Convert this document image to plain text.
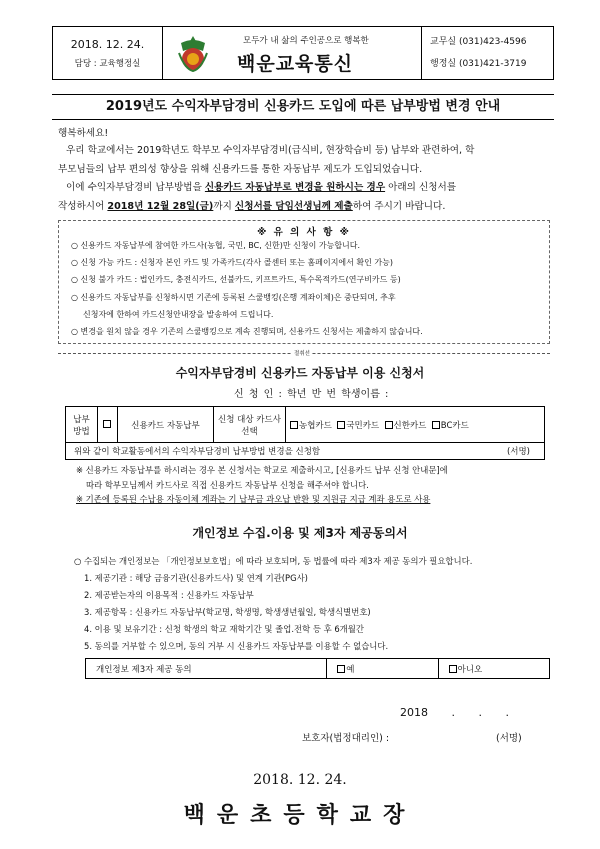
2018. 12. 24.
담당 : 교육행정실
모두가 내 삶의 주인공으로 행복한
백운교육통신
교무실 (031)423-4596
행정실 (031)421-3719
2019년도 수익자부담경비 신용카드 도입에 따른 납부방법 변경 안내
행복하세요!
우리 학교에서는 2019학년도 학부모 수익자부담경비(급식비, 현장학습비 등) 납부와 관련하여, 학
부모님들의 납부 편의성 향상을 위해 신용카드를 통한 자동납부 제도가 도입되었습니다.
이에 수익자부담경비 납부방법을 신용카드 자동납부로 변경을 원하시는 경우 아래의 신청서를
작성하시어 2018년 12월 28일(금)까지 신청서를 담임선생님께 제출하여 주시기 바랍니다.
※ 유 의 사 항 ※
○ 신용카드 자동납부에 참여한 카드사(농협, 국민, BC, 신한)만 신청이 가능합니다.
○ 신청 가능 카드 : 신청자 본인 카드 및 가족카드(각사 콜센터 또는 홈페이지에서 확인 가능)
○ 신청 불가 카드 : 법인카드, 충전식카드, 선불카드, 키프트카드, 특수목적카드(연구비카드 등)
○ 신용카드 자동납부를 신청하시면 기존에 등록된 스쿨뱅킹(은행 계좌이체)은 중단되며, 추후
신청자에 한하여 카드신청안내장을 발송하여 드립니다.
○ 변경을 원치 않을 경우 기존의 스쿨뱅킹으로 계속 진행되며, 신용카드 신청서는 제출하지 않습니다.
절취선
수익자부담경비 신용카드 자동납부 이용 신청서
신 청 인 : 학년 반 번 학생이름 :
납부 방법		신용카드 자동납부	신청 대상 카드사 선택	농협카드 국민카드 신한카드 BC카드
위와 같이 학교활동에서의 수익자부담경비 납부방법 변경을 신청함	(서명)
※ 신용카드 자동납부를 하시려는 경우 본 신청서는 학교로 제출하시고, [신용카드 납부 신청 안내문]에
따라 학부모님께서 카드사로 직접 신용카드 자동납부 신청을 해주셔야 합니다.
※ 기존에 등록된 수납용 자동이체 계좌는 기 납부금 과오납 반환 및 지원금 지급 계좌 용도로 사용
개인정보 수집.이용 및 제3자 제공동의서
○ 수집되는 개인정보는 「개인정보보호법」에 따라 보호되며, 동 법률에 따라 제3자 제공 동의가 필요합니다.
1. 제공기관 : 해당 금융기관(신용카드사) 및 연계 기관(PG사)
2. 제공받는자의 이용목적 : 신용카드 자동납부
3. 제공항목 : 신용카드 자동납부(학교명, 학생명, 학생생년월일, 학생식별번호)
4. 이용 및 보유기간 : 신청 학생의 학교 재학기간 및 졸업.전학 등 후 6개월간
5. 동의를 거부할 수 있으며, 동의 거부 시 신용카드 자동납부를 이용할 수 없습니다.
개인정보 제3자 제공 동의	예	아니오
2018 . . .
보호자(법정대리인) :	(서명)
2018. 12. 24.
백운초등학교장
